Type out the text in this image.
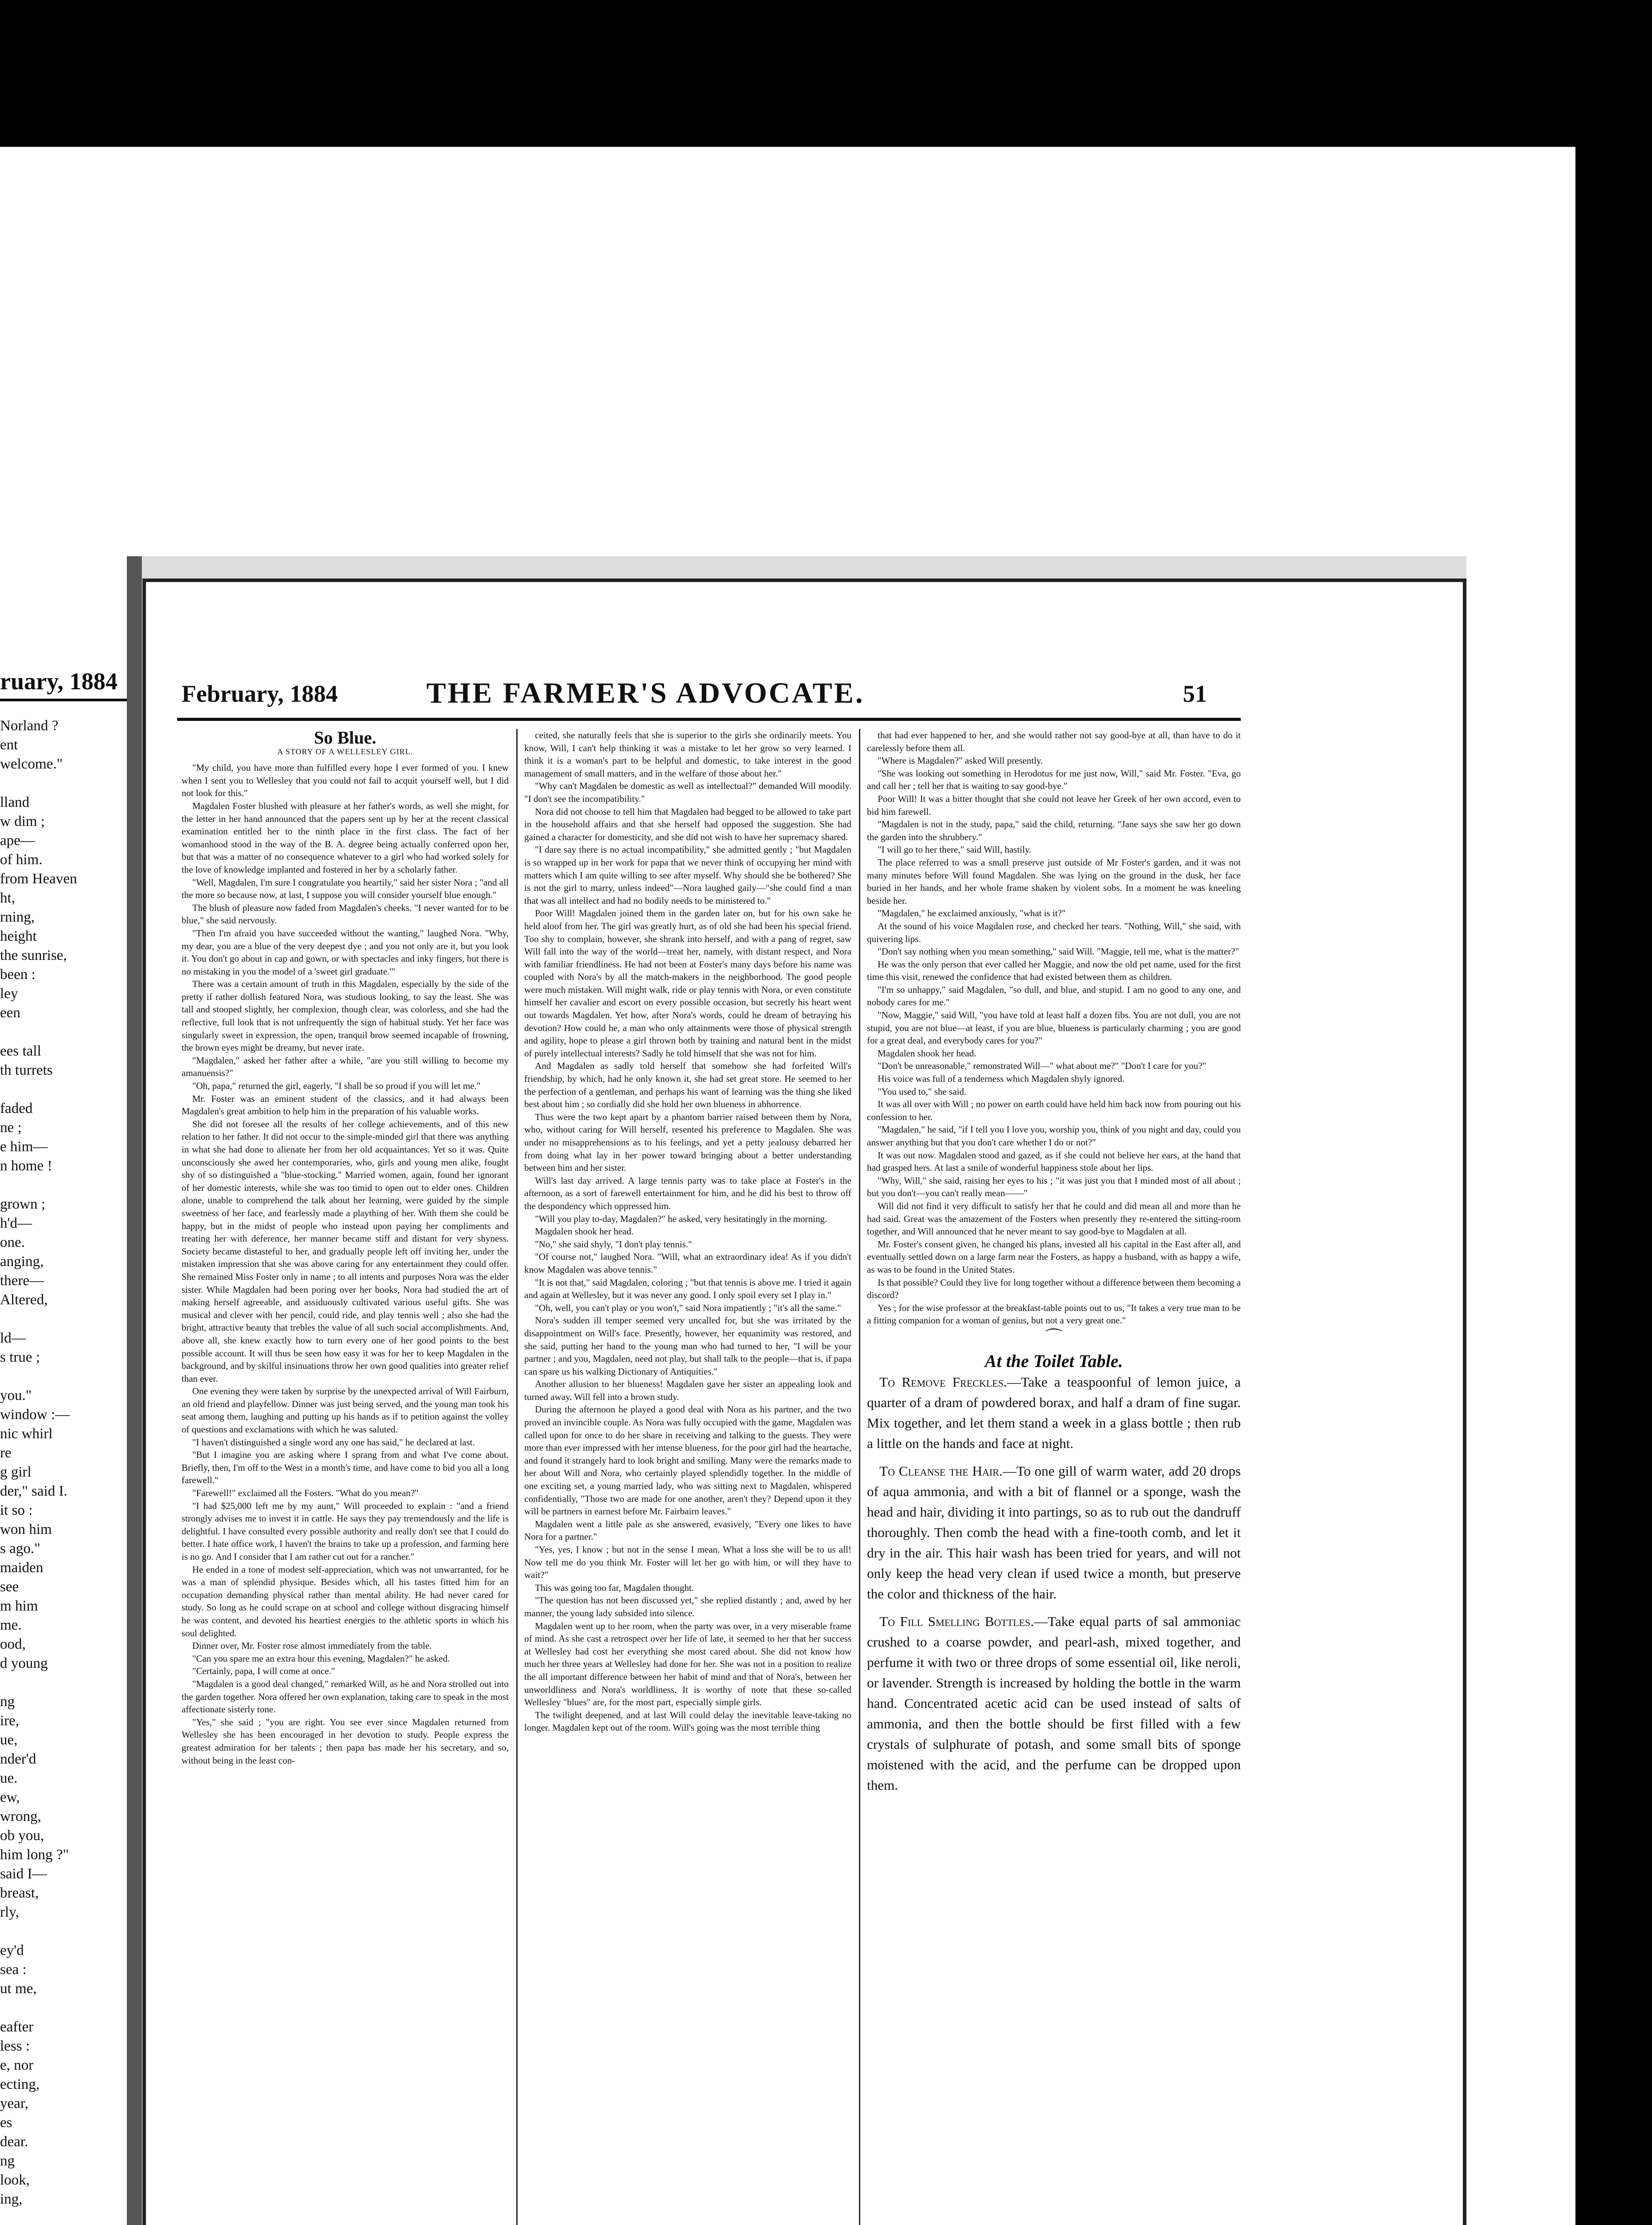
ruary, 1884
Norland ?
ent
welcome."
lland
w dim ;
ape—
of him.
from Heaven
ht,
rning,
height
the sunrise,
been :
ley
een
ees tall
th turrets
faded
ne ;
e him—
n home !
grown ;
h'd—
one.
anging,
there—
Altered,
ld—
s true ;
you."
window :—
nic whirl
re
g girl
der," said I.
it so :
won him
s ago."
maiden
see
m him
me.
ood,
d young
ng
ire,
ue,
nder'd
ue.
ew,
wrong,
ob you,
him long ?"
said I—
breast,
rly,
ey'd
sea :
ut me,
eafter
less :
e, nor
ecting,
year,
es
dear.
ng
look,
ing,
February, 1884	THE FARMER'S ADVOCATE.	51
So Blue.
A STORY OF A WELLESLEY GIRL.

"My child, you have more than fulfilled every hope I ever formed of you. I knew when I sent you to Wellesley that you could not fail to acquit yourself well, but I did not look for this."

Magdalen Foster blushed with pleasure at her father's words, as well she might, for the letter in her hand announced that the papers sent up by her at the recent classical examination entitled her to the ninth place in the first class. The fact of her womanhood stood in the way of the B. A. degree being actually conferred upon her, but that was a matter of no consequence whatever to a girl who had worked solely for the love of knowledge implanted and fostered in her by a scholarly father.

"Well, Magdalen, I'm sure I congratulate you heartily," said her sister Nora ; "and all the more so because now, at last, I suppose you will consider yourself blue enough."

The blush of pleasure now faded from Magdalen's cheeks. "I never wanted for to be blue," she said nervously.

"Then I'm afraid you have succeeded without the wanting," laughed Nora. "Why, my dear, you are a blue of the very deepest dye ; and you not only are it, but you look it. You don't go about in cap and gown, or with spectacles and inky fingers, but there is no mistaking in you the model of a 'sweet girl graduate.'"

There was a certain amount of truth in this Magdalen, especially by the side of the pretty if rather dollish featured Nora, was studious looking, to say the least. She was tall and stooped slightly, her complexion, though clear, was colorless, and she had the reflective, full look that is not unfrequently the sign of habitual study. Yet her face was singularly sweet in expression, the open, tranquil brow seemed incapable of frowning, the brown eyes might be dreamy, but never irate.

"Magdalen," asked her father after a while, "are you still willing to become my amanuensis?"

"Oh, papa," returned the girl, eagerly, "I shall be so proud if you will let me."

Mr. Foster was an eminent student of the classics, and it had always been Magdalen's great ambition to help him in the preparation of his valuable works.

She did not foresee all the results of her college achievements, and of this new relation to her father. It did not occur to the simple-minded girl that there was anything in what she had done to alienate her from her old acquaintances. Yet so it was. Quite unconsciously she awed her contemporaries, who, girls and young men alike, fought shy of so distinguished a "blue-stocking." Married women, again, found her ignorant of her domestic interests, while she was too timid to open out to elder ones. Children alone, unable to comprehend the talk about her learning, were guided by the simple sweetness of her face, and fearlessly made a plaything of her. With them she could be happy, but in the midst of people who instead upon paying her compliments and treating her with deference, her manner became stiff and distant for very shyness. Society became distasteful to her, and gradually people left off inviting her, under the mistaken impression that she was above caring for any entertainment they could offer. She remained Miss Foster only in name ; to all intents and purposes Nora was the elder sister. While Magdalen had been poring over her books, Nora had studied the art of making herself agreeable, and assiduously cultivated various useful gifts. She was musical and clever with her pencil, could ride, and play tennis well ; also she had the bright, attractive beauty that trebles the value of all such social accomplishments. And, above all, she knew exactly how to turn every one of her good points to the best possible account. It will thus be seen how easy it was for her to keep Magdalen in the background, and by skilful insinuations throw her own good qualities into greater relief than ever.

One evening they were taken by surprise by the unexpected arrival of Will Fairburn, an old friend and playfellow. Dinner was just being served, and the young man took his seat among them, laughing and putting up his hands as if to petition against the volley of questions and exclamations with which he was saluted.

"I haven't distinguished a single word any one has said," he declared at last.

"But I imagine you are asking where I sprang from and what I've come about. Briefly, then, I'm off to the West in a month's time, and have come to bid you all a long farewell."

"Farewell!" exclaimed all the Fosters. "What do you mean?"

"I had $25,000 left me by my aunt," Will proceeded to explain : "and a friend strongly advises me to invest it in cattle. He says they pay tremendously and the life is delightful. I have consulted every possible authority and really don't see that I could do better. I hate office work, I haven't the brains to take up a profession, and farming here is no go. And I consider that I am rather cut out for a rancher."

He ended in a tone of modest self-appreciation, which was not unwarranted, for he was a man of splendid physique. Besides which, all his tastes fitted him for an occupation demanding physical rather than mental ability. He had never cared for study. So long as he could scrape on at school and college without disgracing himself he was content, and devoted his heartiest energies to the athletic sports in which his soul delighted.

Dinner over, Mr. Foster rose almost immediately from the table.

"Can you spare me an extra hour this evening, Magdalen?" he asked.

"Certainly, papa, I will come at once."

"Magdalen is a good deal changed," remarked Will, as he and Nora strolled out into the garden together. Nora offered her own explanation, taking care to speak in the most affectionate sisterly tone.

"Yes," she said ; "you are right. You see ever since Magdalen returned from Wellesley she has been encouraged in her devotion to study. People express the greatest admiration for her talents ; then papa has made her his secretary, and so, without being in the least con-

ceited, she naturally feels that she is superior to the girls she ordinarily meets. You know, Will, I can't help thinking it was a mistake to let her grow so very learned. I think it is a woman's part to be helpful and domestic, to take interest in the good management of small matters, and in the welfare of those about her."

"Why can't Magdalen be domestic as well as intellectual?" demanded Will moodily. "I don't see the incompatibility."

Nora did not choose to tell him that Magdalen had begged to be allowed to take part in the household affairs and that she herself had opposed the suggestion. She had gained a character for domesticity, and she did not wish to have her supremacy shared.

"I dare say there is no actual incompatibility," she admitted gently ; "but Magdalen is so wrapped up in her work for papa that we never think of occupying her mind with matters which I am quite willing to see after myself. Why should she be bothered? She is not the girl to marry, unless indeed"—Nora laughed gaily—"she could find a man that was all intellect and had no bodily needs to be ministered to."

Poor Will! Magdalen joined them in the garden later on, but for his own sake he held aloof from her. The girl was greatly hurt, as of old she had been his special friend. Too shy to complain, however, she shrank into herself, and with a pang of regret, saw Will fall into the way of the world—treat her, namely, with distant respect, and Nora with familiar friendliness. He had not been at Foster's many days before his name was coupled with Nora's by all the match-makers in the neighborhood. The good people were much mistaken. Will might walk, ride or play tennis with Nora, or even constitute himself her cavalier and escort on every possible occasion, but secretly his heart went out towards Magdalen. Yet how, after Nora's words, could he dream of betraying his devotion? How could he, a man who only attainments were those of physical strength and agility, hope to please a girl thrown both by training and natural bent in the midst of purely intellectual interests? Sadly he told himself that she was not for him.

And Magdalen as sadly told herself that somehow she had forfeited Will's friendship, by which, had he only known it, she had set great store. He seemed to her the perfection of a gentleman, and perhaps his want of learning was the thing she liked best about him ; so cordially did she hold her own blueness in abhorrence.

Thus were the two kept apart by a phantom barrier raised between them by Nora, who, without caring for Will herself, resented his preference to Magdalen. She was under no misapprehensions as to his feelings, and yet a petty jealousy debarred her from doing what lay in her power toward bringing about a better understanding between him and her sister.

Will's last day arrived. A large tennis party was to take place at Foster's in the afternoon, as a sort of farewell entertainment for him, and he did his best to throw off the despondency which oppressed him.

"Will you play to-day, Magdalen?" he asked, very hesitatingly in the morning.

Magdalen shook her head.

"No," she said shyly, "I don't play tennis."

"Of course not," laughed Nora. "Will, what an extraordinary idea! As if you didn't know Magdalen was above tennis."

"It is not that," said Magdalen, coloring ; "but that tennis is above me. I tried it again and again at Wellesley, but it was never any good. I only spoil every set I play in."

"Oh, well, you can't play or you won't," said Nora impatiently ; "it's all the same."

Nora's sudden ill temper seemed very uncalled for, but she was irritated by the disappointment on Will's face. Presently, however, her equanimity was restored, and she said, putting her hand to the young man who had turned to her, "I will be your partner ; and you, Magdalen, need not play, but shall talk to the people—that is, if papa can spare us his walking Dictionary of Antiquities."

Another allusion to her blueness! Magdalen gave her sister an appealing look and turned away. Will fell into a brown study.

During the afternoon he played a good deal with Nora as his partner, and the two proved an invincible couple. As Nora was fully occupied with the game, Magdalen was called upon for once to do her share in receiving and talking to the guests. They were more than ever impressed with her intense blueness, for the poor girl had the heartache, and found it strangely hard to look bright and smiling. Many were the remarks made to her about Will and Nora, who certainly played splendidly together. In the middle of one exciting set, a young married lady, who was sitting next to Magdalen, whispered confidentially, "Those two are made for one another, aren't they? Depend upon it they will be partners in earnest before Mr. Fairbairn leaves."

Magdalen went a little pale as she answered, evasively, "Every one likes to have Nora for a partner."

"Yes, yes, I know ; but not in the sense I mean. What a loss she will be to us all! Now tell me do you think Mr. Foster will let her go with him, or will they have to wait?"

This was going too far, Magdalen thought.

"The question has not been discussed yet," she replied distantly ; and, awed by her manner, the young lady subsided into silence.

Magdalen went up to her room, when the party was over, in a very miserable frame of mind. As she cast a retrospect over her life of late, it seemed to her that her success at Wellesley had cost her everything she most cared about. She did not know how much her three years at Wellesley had done for her. She was not in a position to realize the all important difference between her habit of mind and that of Nora's, between her unworldliness and Nora's worldliness. It is worthy of note that these so-called Wellesley "blues" are, for the most part, especially simple girls.

The twilight deepened, and at last Will could delay the inevitable leave-taking no longer. Magdalen kept out of the room. Will's going was the most terrible thing

that had ever happened to her, and she would rather not say good-bye at all, than have to do it carelessly before them all.

"Where is Magdalen?" asked Will presently.

"She was looking out something in Herodotus for me just now, Will," said Mr. Foster. "Eva, go and call her ; tell her that is waiting to say good-bye."

Poor Will! It was a bitter thought that she could not leave her Greek of her own accord, even to bid him farewell.

"Magdalen is not in the study, papa," said the child, returning. "Jane says she saw her go down the garden into the shrubbery."

"I will go to her there," said Will, hastily.

The place referred to was a small preserve just outside of Mr Foster's garden, and it was not many minutes before Will found Magdalen. She was lying on the ground in the dusk, her face buried in her hands, and her whole frame shaken by violent sobs. In a moment he was kneeling beside her.

"Magdalen," he exclaimed anxiously, "what is it?"

At the sound of his voice Magdalen rose, and checked her tears. "Nothing, Will," she said, with quivering lips.

"Don't say nothing when you mean something," said Will. "Maggie, tell me, what is the matter?"

He was the only person that ever called her Maggie, and now the old pet name, used for the first time this visit, renewed the confidence that had existed between them as children.

"I'm so unhappy," said Magdalen, "so dull, and blue, and stupid. I am no good to any one, and nobody cares for me."

"Now, Maggie," said Will, "you have told at least half a dozen fibs. You are not dull, you are not stupid, you are not blue—at least, if you are blue, blueness is particularly charming ; you are good for a great deal, and everybody cares for you?"

Magdalen shook her head.

"Don't be unreasonable," remonstrated Will—" what about me?" "Don't I care for you?"

His voice was full of a tenderness which Magdalen shyly ignored.

"You used to," she said.

It was all over with Will ; no power on earth could have held him back now from pouring out his confession to her.

"Magdalen," he said, "if I tell you I love you, worship you, think of you night and day, could you answer anything but that you don't care whether I do or not?"

It was out now. Magdalen stood and gazed, as if she could not believe her ears, at the hand that had grasped hers. At last a smile of wonderful happiness stole about her lips.

"Why, Will," she said, raising her eyes to his ; "it was just you that I minded most of all about ; but you don't—you can't really mean——"

Will did not find it very difficult to satisfy her that he could and did mean all and more than he had said. Great was the amazement of the Fosters when presently they re-entered the sitting-room together, and Will announced that he never meant to say good-bye to Magdalen at all.

Mr. Foster's consent given, he changed his plans, invested all his capital in the East after all, and eventually settled down on a large farm near the Fosters, as happy a husband, with as happy a wife, as was to be found in the United States.

Is that possible? Could they live for long together without a difference between them becoming a discord?

Yes ; for the wise professor at the breakfast-table points out to us, "It takes a very true man to be a fitting companion for a woman of genius, but not a very great one."

⌒
At the Toilet Table.

To Remove Freckles.—Take a teaspoonful of lemon juice, a quarter of a dram of powdered borax, and half a dram of fine sugar. Mix together, and let them stand a week in a glass bottle ; then rub a little on the hands and face at night.

To Cleanse the Hair.—To one gill of warm water, add 20 drops of aqua ammonia, and with a bit of flannel or a sponge, wash the head and hair, dividing it into partings, so as to rub out the dandruff thoroughly. Then comb the head with a fine-tooth comb, and let it dry in the air. This hair wash has been tried for years, and will not only keep the head very clean if used twice a month, but preserve the color and thickness of the hair.

To Fill Smelling Bottles.—Take equal parts of sal ammoniac crushed to a coarse powder, and pearl-ash, mixed together, and perfume it with two or three drops of some essential oil, like neroli, or lavender. Strength is increased by holding the bottle in the warm hand. Concentrated acetic acid can be used instead of salts of ammonia, and then the bottle should be first filled with a few crystals of sulphurate of potash, and some small bits of sponge moistened with the acid, and the perfume can be dropped upon them.
